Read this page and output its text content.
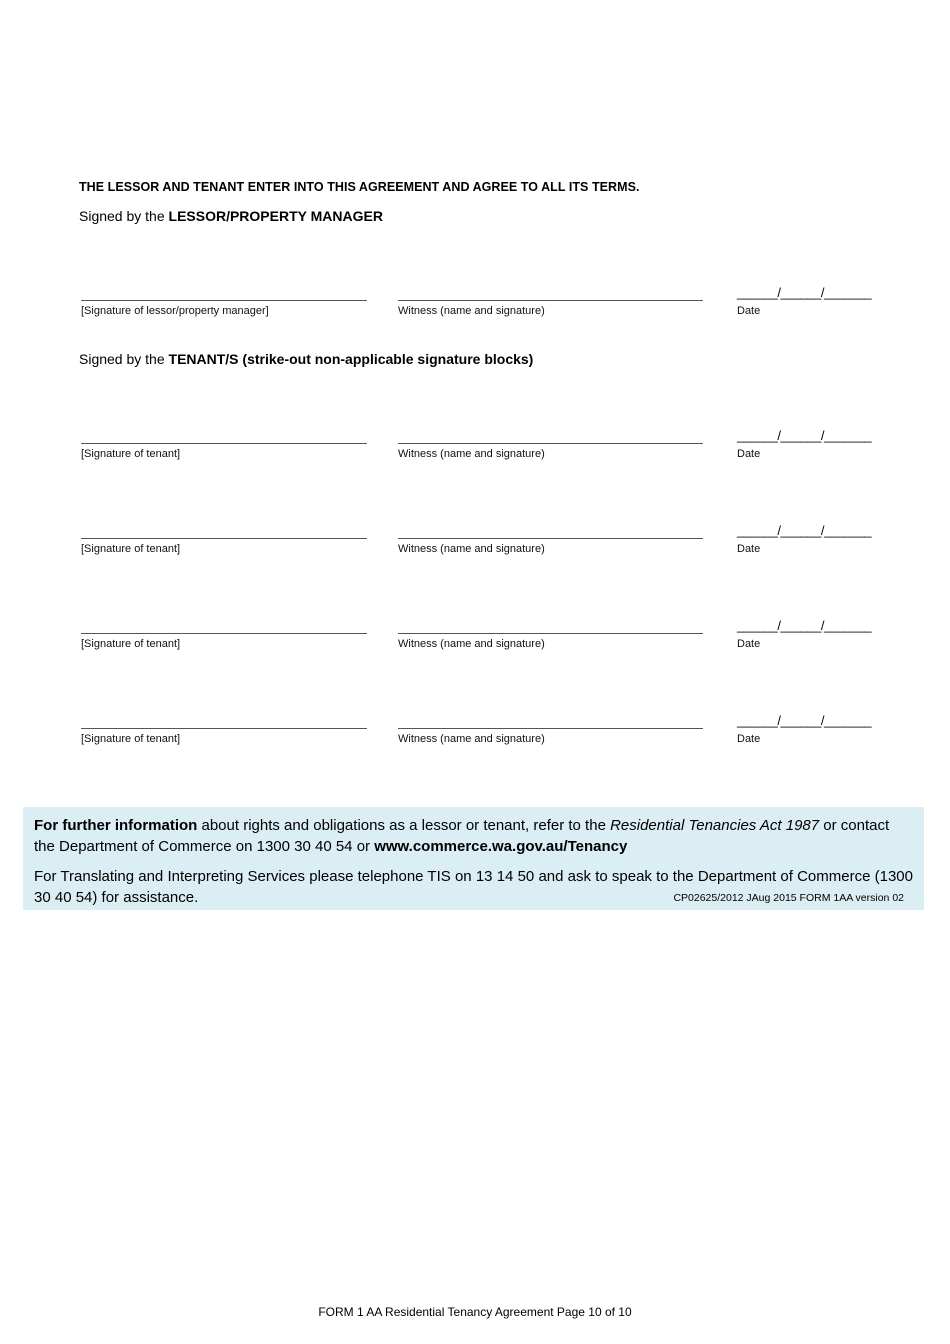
THE LESSOR AND TENANT ENTER INTO THIS AGREEMENT AND AGREE TO ALL ITS TERMS.
Signed by the LESSOR/PROPERTY MANAGER
______/______/_______
[Signature of lessor/property manager]	Witness (name and signature)	Date
Signed by the TENANT/S (strike-out non-applicable signature blocks)
______/______/_______
[Signature of tenant]	Witness (name and signature)	Date
______/______/_______
[Signature of tenant]	Witness (name and signature)	Date
______/______/_______
[Signature of tenant]	Witness (name and signature)	Date
______/______/_______
[Signature of tenant]	Witness (name and signature)	Date
For further information about rights and obligations as a lessor or tenant, refer to the Residential Tenancies Act 1987 or contact the Department of Commerce on 1300 30 40 54 or www.commerce.wa.gov.au/Tenancy
For Translating and Interpreting Services please telephone TIS on 13 14 50 and ask to speak to the Department of Commerce (1300 30 40 54) for assistance.	CP02625/2012 JAug 2015 FORM 1AA version 02
FORM 1 AA Residential Tenancy Agreement Page 10 of 10
